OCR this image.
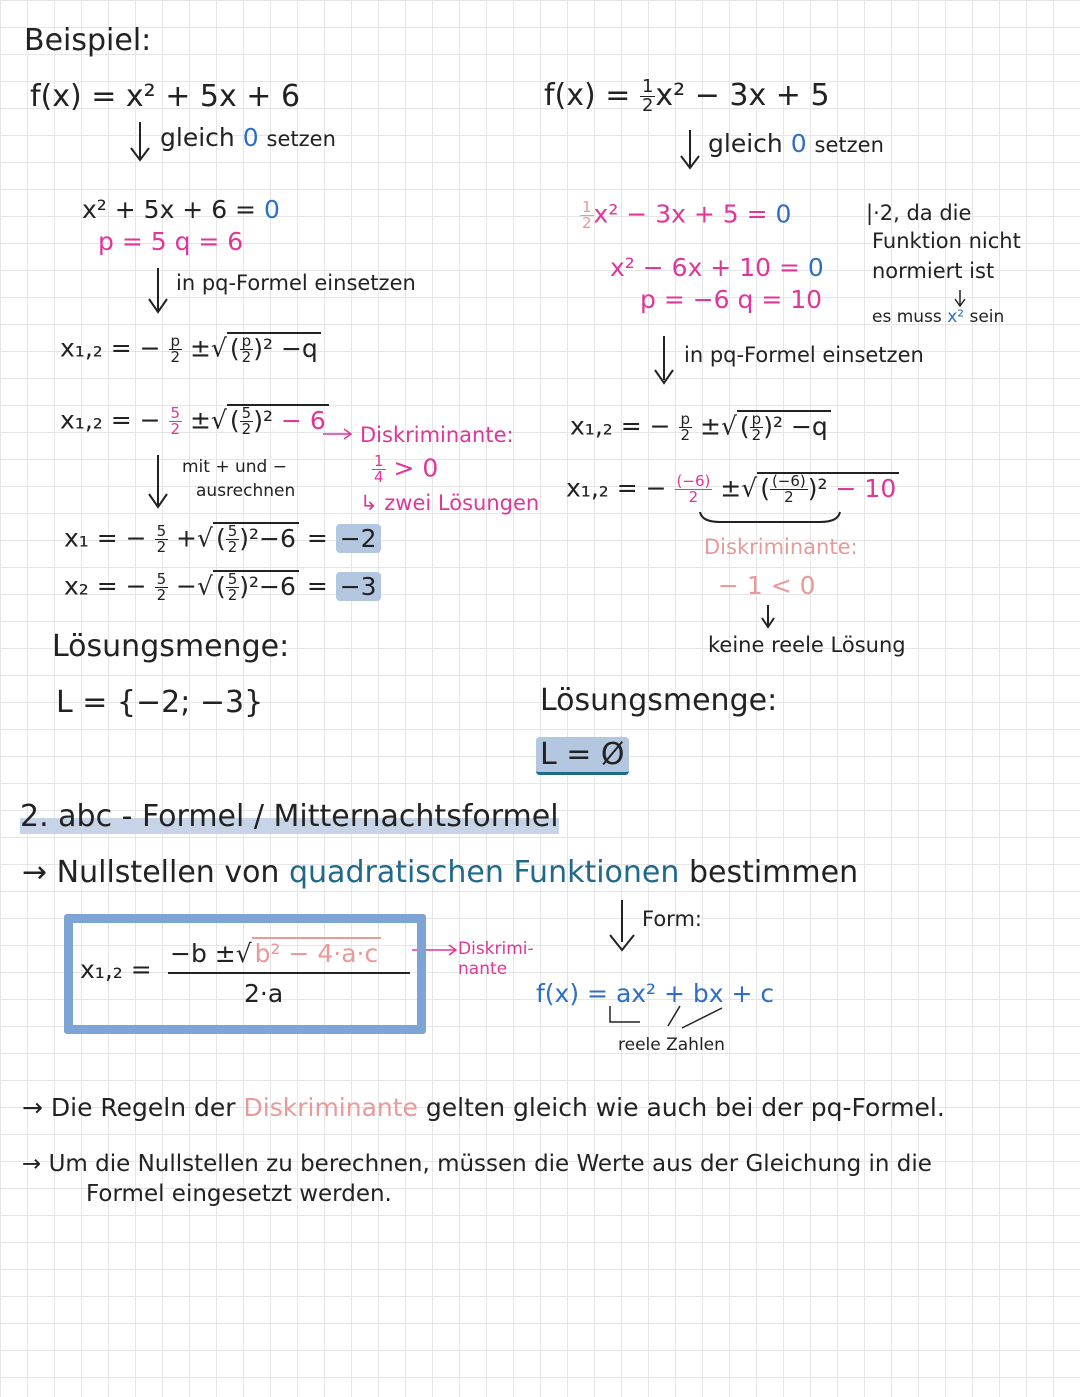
Beispiel:
f(x) = x² + 5x + 6
gleich 0 setzen
x² + 5x + 6 = 0
p = 5 q = 6
in pq-Formel einsetzen
x₁,₂ = − $\frac{p}{2}$ ±√ ( $\frac{p}{2} )^2 -q$
x₁,₂ = − $\frac{5}{2}$ ±√ ( $\frac{5}{2} )^2 - 6$
Diskriminante:
$\frac{1}{4} > 0$
↳ zwei Lösungen
mit + und −
ausrechnen
x₁ = − $\frac{5}{2}$ +√ ( $\frac{5}{2} )^2-6 = -2$
x₂ = − $\frac{5}{2}$ −√ ( $\frac{5}{2} )^2-6 = -3$
Lösungsmenge:
L = {−2; −3}
$f(x) = \frac{1}{2} x^2 - 3x + 5$
gleich 0 setzen
$\frac{1}{2} x^2 - 3x + 5 = 0$
x² − 6x + 10 = 0
p = −6 q = 10
|·2, da die
Funktion nicht
normiert ist
es muss x² sein
in pq-Formel einsetzen
x₁,₂ = − $\frac{p}{2}$ ±√ ( $\frac{p}{2} )^2 -q$
x₁,₂ = − $\frac{(-6)}{2}$ ±√ ( $\frac{(-6)}{2} )^2 - 10$
Diskriminante:
− 1 < 0
keine reele Lösung
Lösungsmenge:
L = Ø
2. abc - Formel / Mitternachtsformel
→ Nullstellen von quadratischen Funktionen bestimmen
Form:
x₁,₂ =
−b ±√ b² − 4·a·c
2·a
Diskrimi-
nante
f(x) = ax² + bx + c
reele Zahlen
→ Die Regeln der Diskriminante gelten gleich wie auch bei der pq-Formel.
→ Um die Nullstellen zu berechnen, müssen die Werte aus der Gleichung in die
Formel eingesetzt werden.
